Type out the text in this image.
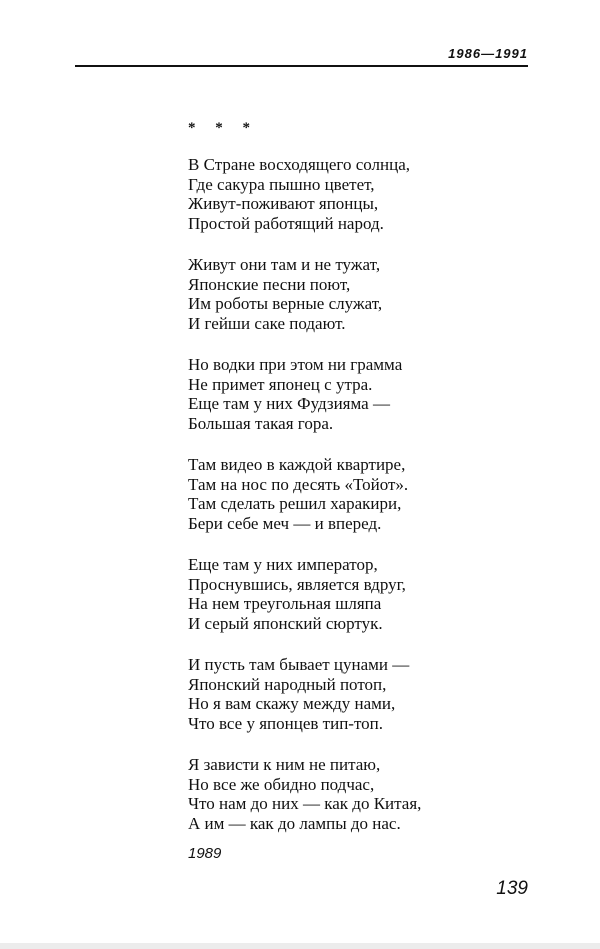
1986—1991
* * *
В Стране восходящего солнца,
Где сакура пышно цветет,
Живут-поживают японцы,
Простой работящий народ.
Живут они там и не тужат,
Японские песни поют,
Им роботы верные служат,
И гейши саке подают.
Но водки при этом ни грамма
Не примет японец с утра.
Еще там у них Фудзияма —
Большая такая гора.
Там видео в каждой квартире,
Там на нос по десять «Тойот».
Там сделать решил харакири,
Бери себе меч — и вперед.
Еще там у них император,
Проснувшись, является вдруг,
На нем треугольная шляпа
И серый японский сюртук.
И пусть там бывает цунами —
Японский народный потоп,
Но я вам скажу между нами,
Что все у японцев тип-топ.
Я зависти к ним не питаю,
Но все же обидно подчас,
Что нам до них — как до Китая,
А им — как до лампы до нас.
1989
139
